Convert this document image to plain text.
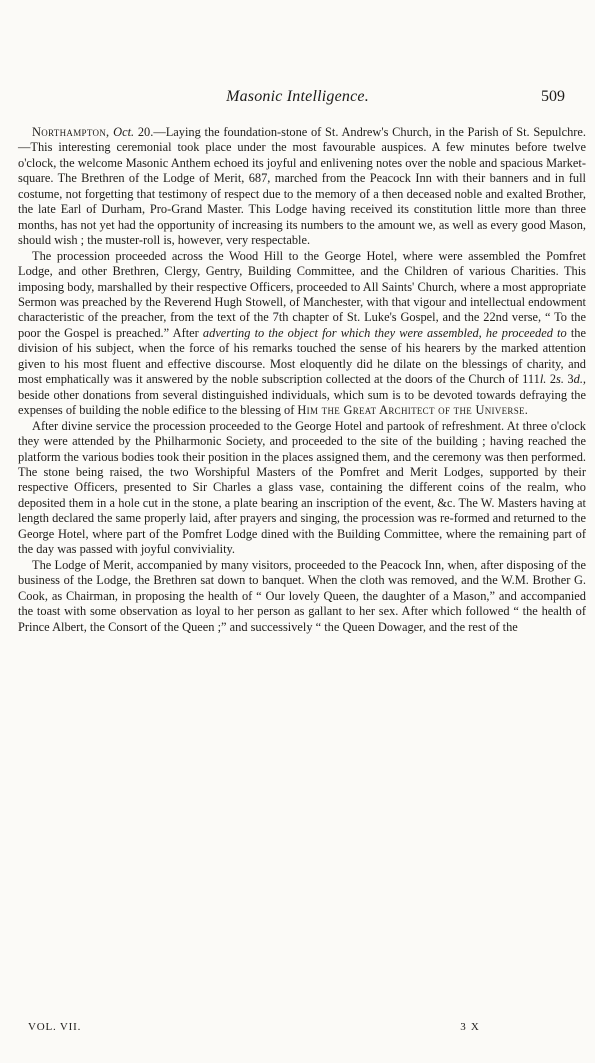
Masonic Intelligence.	509

Northampton, Oct. 20.—Laying the foundation-stone of St. Andrew's Church, in the Parish of St. Sepulchre.—This interesting ceremonial took place under the most favourable auspices. A few minutes before twelve o'clock, the welcome Masonic Anthem echoed its joyful and enlivening notes over the noble and spacious Market-square. The Brethren of the Lodge of Merit, 687, marched from the Peacock Inn with their banners and in full costume, not forgetting that testimony of respect due to the memory of a then deceased noble and exalted Brother, the late Earl of Durham, Pro-Grand Master. This Lodge having received its constitution little more than three months, has not yet had the opportunity of increasing its numbers to the amount we, as well as every good Mason, should wish ; the muster-roll is, however, very respectable.

The procession proceeded across the Wood Hill to the George Hotel, where were assembled the Pomfret Lodge, and other Brethren, Clergy, Gentry, Building Committee, and the Children of various Charities. This imposing body, marshalled by their respective Officers, proceeded to All Saints' Church, where a most appropriate Sermon was preached by the Reverend Hugh Stowell, of Manchester, with that vigour and intellectual endowment characteristic of the preacher, from the text of the 7th chapter of St. Luke's Gospel, and the 22nd verse, “ To the poor the Gospel is preached.” After adverting to the object for which they were assembled, he proceeded to the division of his subject, when the force of his remarks touched the sense of his hearers by the marked attention given to his most fluent and effective discourse. Most eloquently did he dilate on the blessings of charity, and most emphatically was it answered by the noble subscription collected at the doors of the Church of 111l. 2s. 3d., beside other donations from several distinguished individuals, which sum is to be devoted towards defraying the expenses of building the noble edifice to the blessing of Him the Great Architect of the Universe.

After divine service the procession proceeded to the George Hotel and partook of refreshment. At three o'clock they were attended by the Philharmonic Society, and proceeded to the site of the building ; having reached the platform the various bodies took their position in the places assigned them, and the ceremony was then performed. The stone being raised, the two Worshipful Masters of the Pomfret and Merit Lodges, supported by their respective Officers, presented to Sir Charles a glass vase, containing the different coins of the realm, who deposited them in a hole cut in the stone, a plate bearing an inscription of the event, &c. The W. Masters having at length declared the same properly laid, after prayers and singing, the procession was re-formed and returned to the George Hotel, where part of the Pomfret Lodge dined with the Building Committee, where the remaining part of the day was passed with joyful conviviality.

The Lodge of Merit, accompanied by many visitors, proceeded to the Peacock Inn, when, after disposing of the business of the Lodge, the Brethren sat down to banquet. When the cloth was removed, and the W.M. Brother G. Cook, as Chairman, in proposing the health of “ Our lovely Queen, the daughter of a Mason,” and accompanied the toast with some observation as loyal to her person as gallant to her sex. After which followed “ the health of Prince Albert, the Consort of the Queen ;” and successively “ the Queen Dowager, and the rest of the

VOL. VII.	3 X
